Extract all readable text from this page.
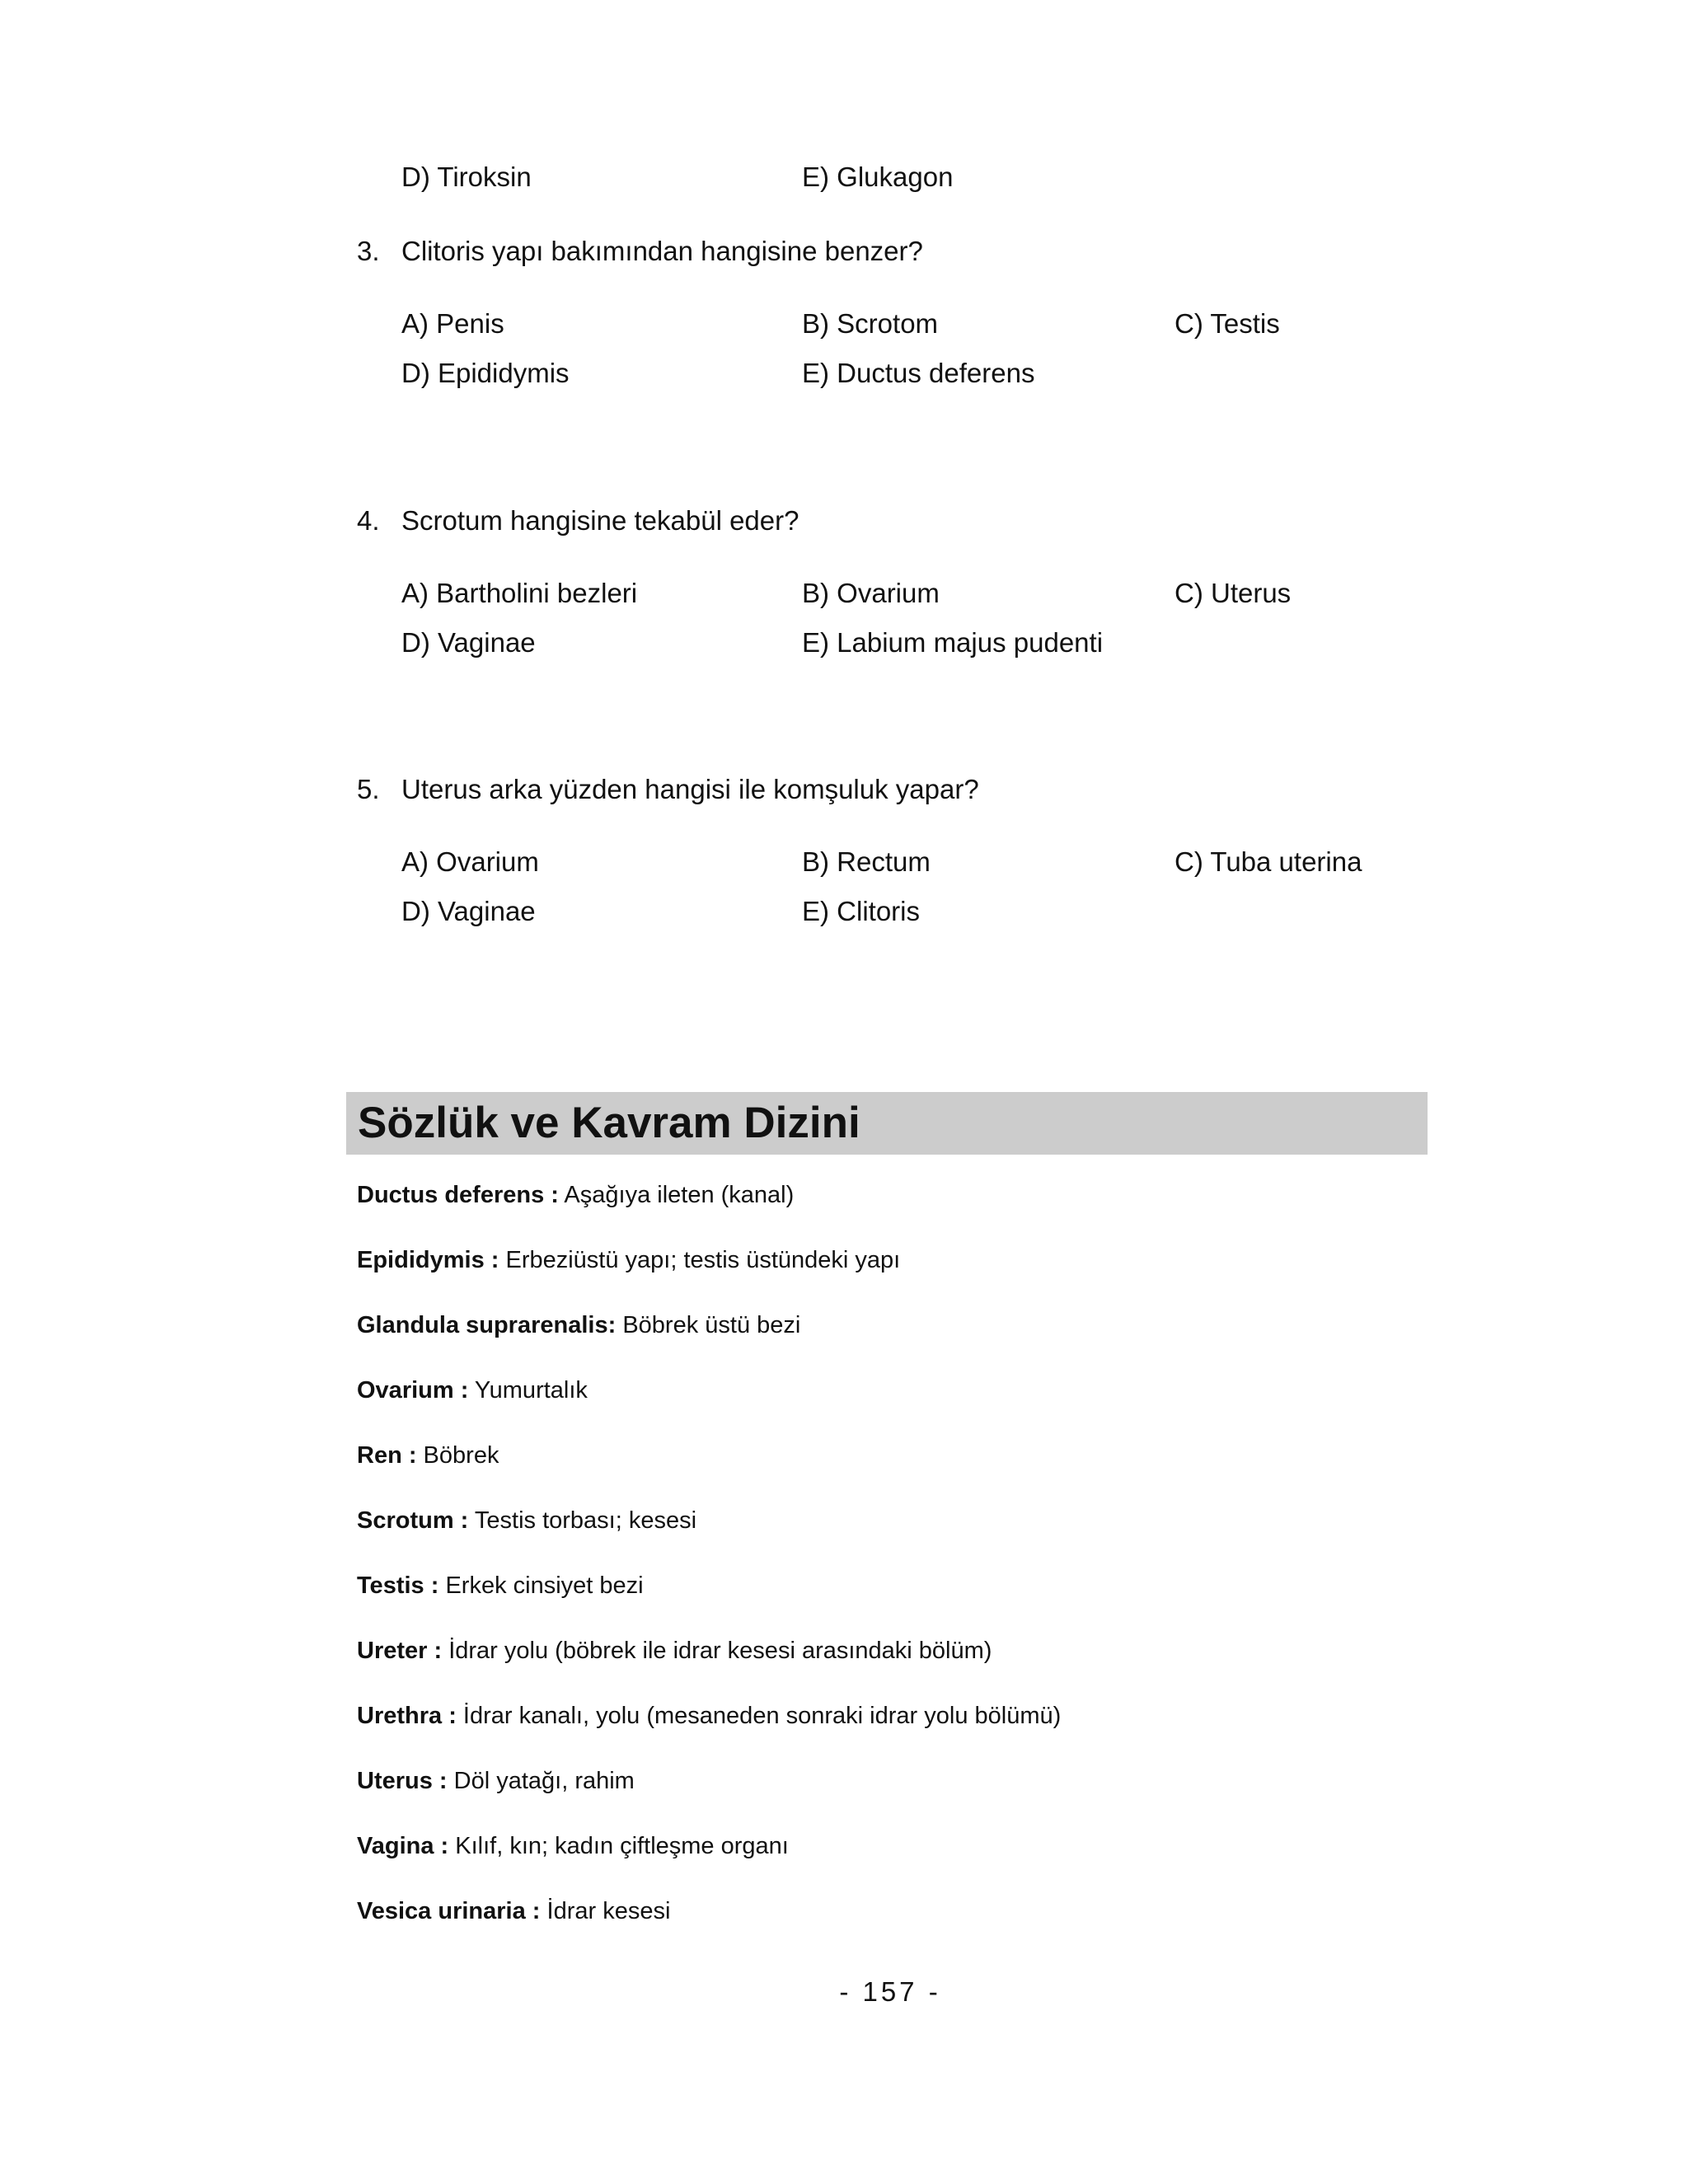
D) Tiroksin	E) Glukagon
3. Clitoris yapı bakımından hangisine benzer?
A) Penis	B) Scrotom	C) Testis
D) Epididymis	E) Ductus deferens
4. Scrotum hangisine tekabül eder?
A) Bartholini bezleri	B) Ovarium	C) Uterus
D) Vaginae	E) Labium majus pudenti
5. Uterus arka yüzden hangisi ile komşuluk yapar?
A) Ovarium	B) Rectum	C) Tuba uterina
D) Vaginae	E) Clitoris
Sözlük ve Kavram Dizini
Ductus deferens : Aşağıya ileten (kanal)
Epididymis : Erbeziüstü yapı; testis üstündeki yapı
Glandula suprarenalis: Böbrek üstü bezi
Ovarium : Yumurtalık
Ren : Böbrek
Scrotum : Testis torbası; kesesi
Testis : Erkek cinsiyet bezi
Ureter : İdrar yolu (böbrek ile idrar kesesi arasındaki bölüm)
Urethra : İdrar kanalı, yolu (mesaneden sonraki idrar yolu bölümü)
Uterus : Döl yatağı, rahim
Vagina : Kılıf, kın; kadın çiftleşme organı
Vesica urinaria : İdrar kesesi
- 157 -
